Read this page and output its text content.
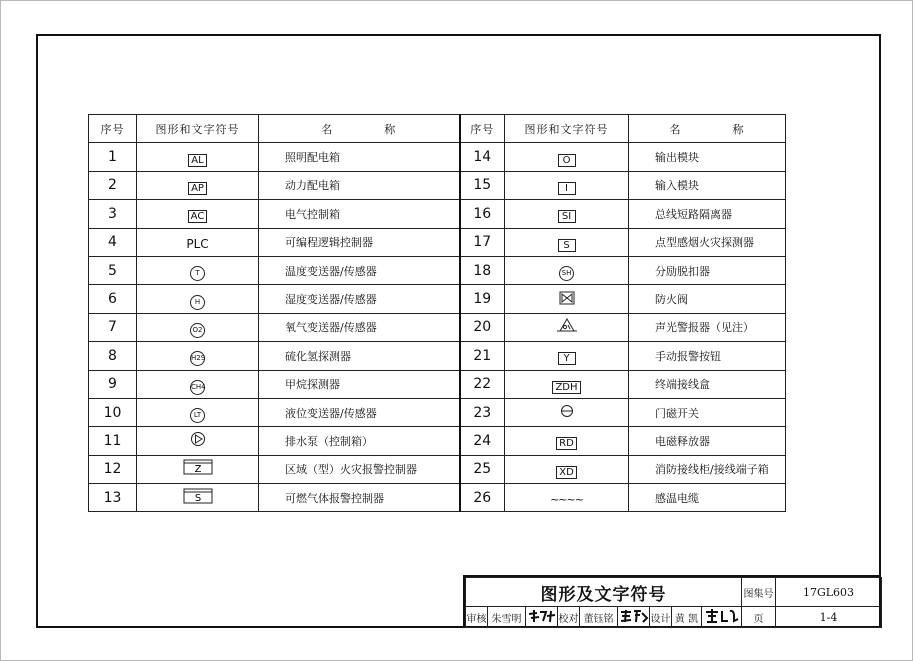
序号	图形和文字符号	名 称	序号	图形和文字符号	名 称
1	AL	照明配电箱	14	O	输出模块
2	AP	动力配电箱	15	I	输入模块
3	AC	电气控制箱	16	SI	总线短路隔离器
4	PLC	可编程逻辑控制器	17	S	点型感烟火灾探测器
5	T	温度变送器/传感器	18	SH	分励脱扣器
6	H	湿度变送器/传感器	19		防火阀
7	O2	氧气变送器/传感器	20		声光警报器（见注）
8	H2S	硫化氢探测器	21	Y	手动报警按钮
9	CH4	甲烷探测器	22	ZDH	终端接线盒
10	LT	液位变送器/传感器	23		门磁开关
11		排水泵（控制箱）	24	RD	电磁释放器
12	Z	区域（型）火灾报警控制器	25	XD	消防接线柜/接线端子箱
13	S	可燃气体报警控制器	26	~~~~	感温电缆
图形及文字符号									图集号	17GL603
审核	朱雪明		校对	董钰铭		设计	黄 凯		页	1-4
